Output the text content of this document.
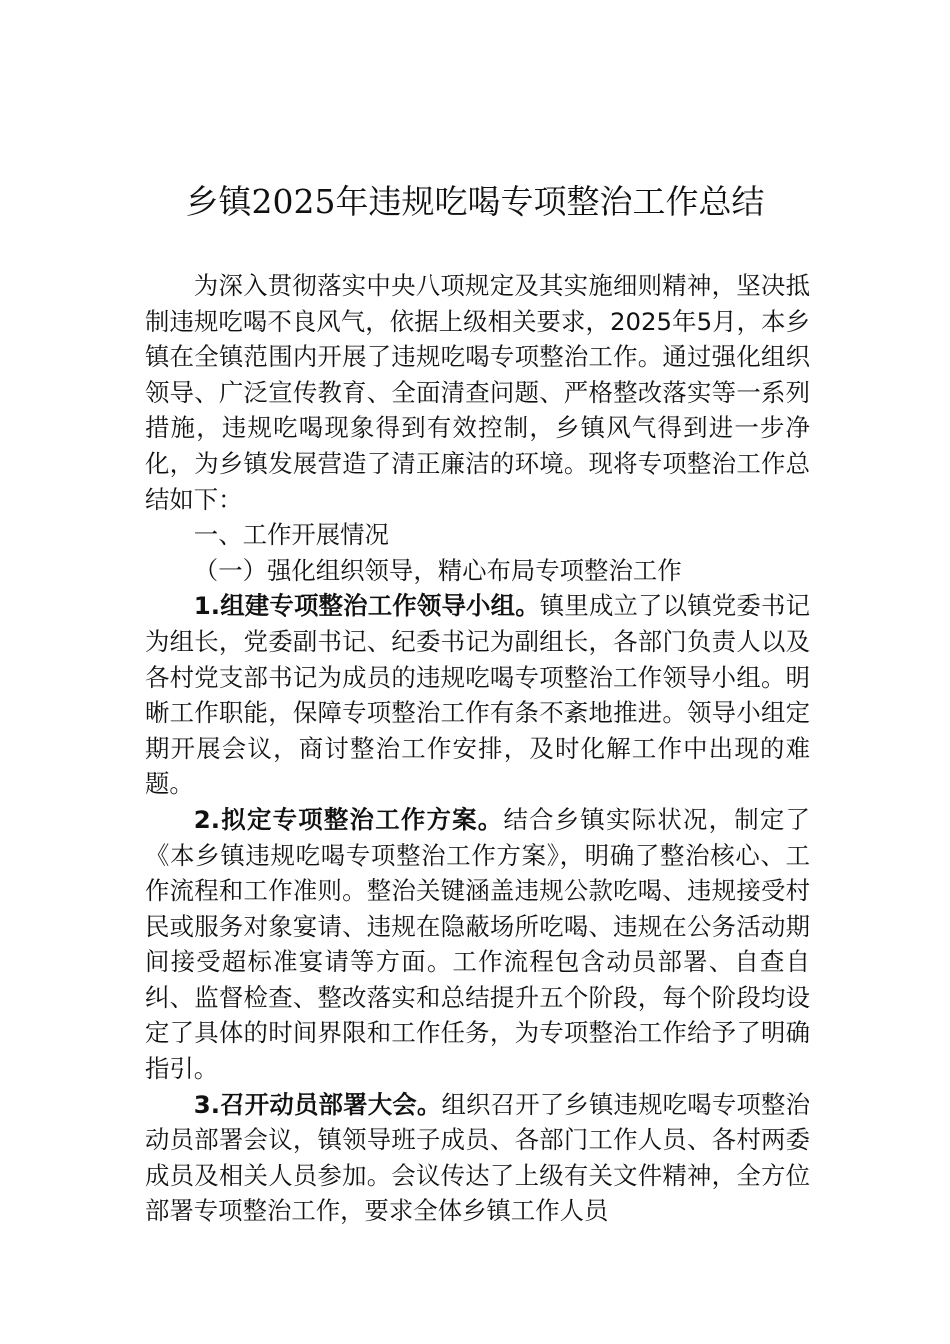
乡镇2025年违规吃喝专项整治工作总结

为深入贯彻落实中央八项规定及其实施细则精神，坚决抵制违规吃喝不良风气，依据上级相关要求，2025年5月，本乡镇在全镇范围内开展了违规吃喝专项整治工作。通过强化组织领导、广泛宣传教育、全面清查问题、严格整改落实等一系列措施，违规吃喝现象得到有效控制，乡镇风气得到进一步净化，为乡镇发展营造了清正廉洁的环境。现将专项整治工作总结如下：

一、工作开展情况

（一）强化组织领导，精心布局专项整治工作

1.组建专项整治工作领导小组。镇里成立了以镇党委书记为组长，党委副书记、纪委书记为副组长，各部门负责人以及各村党支部书记为成员的违规吃喝专项整治工作领导小组。明晰工作职能，保障专项整治工作有条不紊地推进。领导小组定期开展会议，商讨整治工作安排，及时化解工作中出现的难题。

2.拟定专项整治工作方案。结合乡镇实际状况，制定了《本乡镇违规吃喝专项整治工作方案》，明确了整治核心、工作流程和工作准则。整治关键涵盖违规公款吃喝、违规接受村民或服务对象宴请、违规在隐蔽场所吃喝、违规在公务活动期间接受超标准宴请等方面。工作流程包含动员部署、自查自纠、监督检查、整改落实和总结提升五个阶段，每个阶段均设定了具体的时间界限和工作任务，为专项整治工作给予了明确指引。

3.召开动员部署大会。组织召开了乡镇违规吃喝专项整治动员部署会议，镇领导班子成员、各部门工作人员、各村两委成员及相关人员参加。会议传达了上级有关文件精神，全方位部署专项整治工作，要求全体乡镇工作人员
